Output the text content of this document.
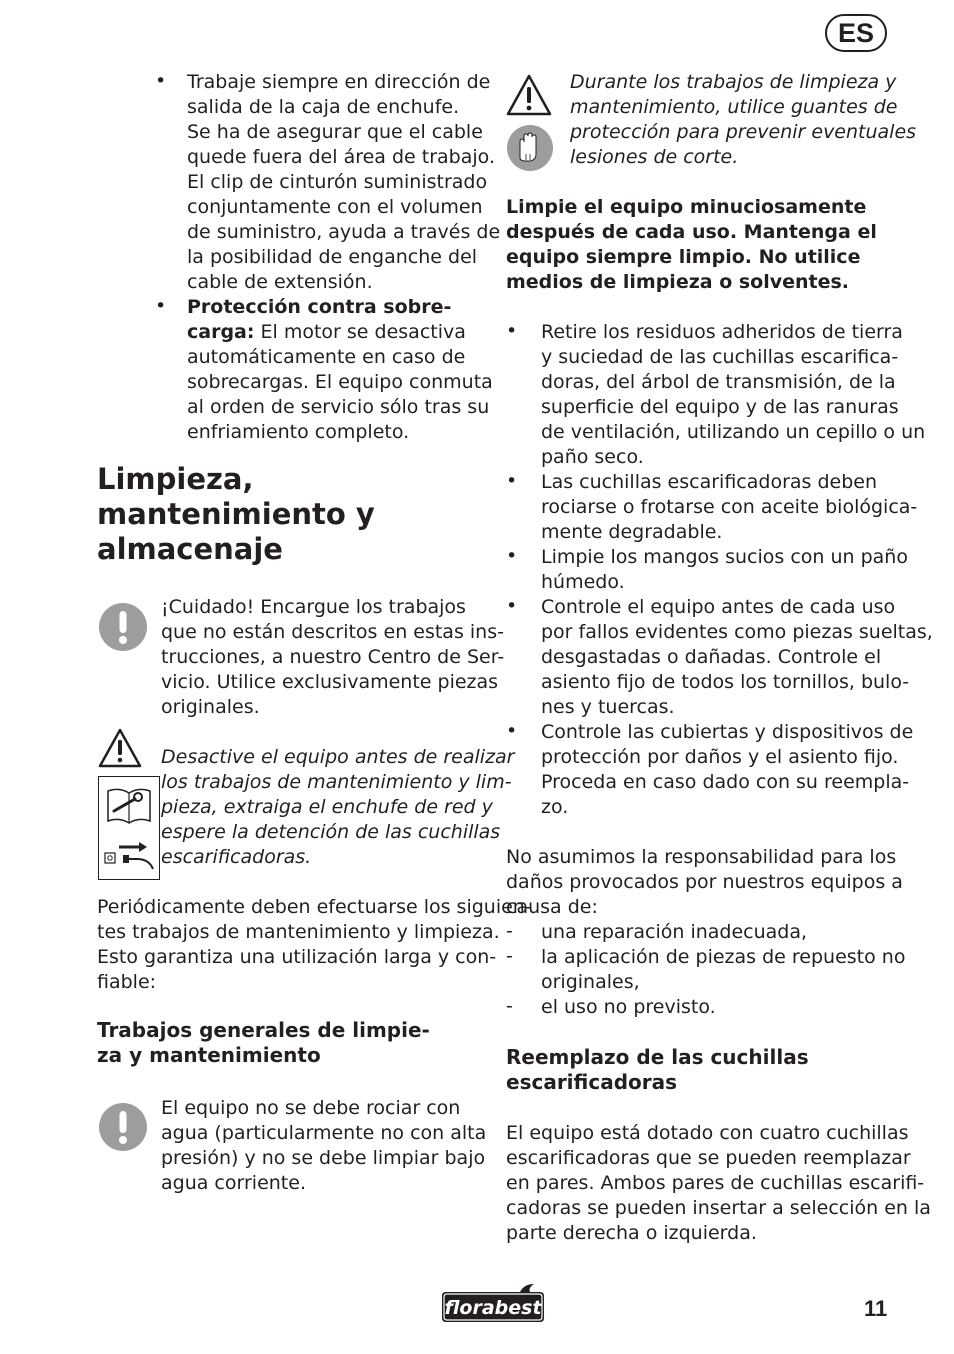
ES
• Trabaje siempre en dirección de
salida de la caja de enchufe.
Se ha de asegurar que el cable
quede fuera del área de trabajo.
El clip de cinturón suministrado
conjuntamente con el volumen
de suministro, ayuda a través de
la posibilidad de enganche del
cable de extensión.
• Protección contra sobre-
carga: El motor se desactiva
automáticamente en caso de
sobrecargas. El equipo conmuta
al orden de servicio sólo tras su
enfriamiento completo.
Limpieza,
mantenimiento y
almacenaje
¡Cuidado! Encargue los trabajos
que no están descritos en estas ins-
trucciones, a nuestro Centro de Ser-
vicio. Utilice exclusivamente piezas
originales.
Desactive el equipo antes de realizar
los trabajos de mantenimiento y lim-
pieza, extraiga el enchufe de red y
espere la detención de las cuchillas
escarificadoras.
Periódicamente deben efectuarse los siguien-
tes trabajos de mantenimiento y limpieza.
Esto garantiza una utilización larga y con-
fiable:
Trabajos generales de limpie-
za y mantenimiento
El equipo no se debe rociar con
agua (particularmente no con alta
presión) y no se debe limpiar bajo
agua corriente.
Durante los trabajos de limpieza y
mantenimiento, utilice guantes de
protección para prevenir eventuales
lesiones de corte.
Limpie el equipo minuciosamente
después de cada uso. Mantenga el
equipo siempre limpio. No utilice
medios de limpieza o solventes.
• Retire los residuos adheridos de tierra
y suciedad de las cuchillas escarifica-
doras, del árbol de transmisión, de la
superficie del equipo y de las ranuras
de ventilación, utilizando un cepillo o un
paño seco.
• Las cuchillas escarificadoras deben
rociarse o frotarse con aceite biológica-
mente degradable.
• Limpie los mangos sucios con un paño
húmedo.
• Controle el equipo antes de cada uso
por fallos evidentes como piezas sueltas,
desgastadas o dañadas. Controle el
asiento fijo de todos los tornillos, bulo-
nes y tuercas.
• Controle las cubiertas y dispositivos de
protección por daños y el asiento fijo.
Proceda en caso dado con su reempla-
zo.
No asumimos la responsabilidad para los
daños provocados por nuestros equipos a
causa de:
- una reparación inadecuada,
- la aplicación de piezas de repuesto no
originales,
- el uso no previsto.
Reemplazo de las cuchillas
escarificadoras
El equipo está dotado con cuatro cuchillas
escarificadoras que se pueden reemplazar
en pares. Ambos pares de cuchillas escarifi-
cadoras se pueden insertar a selección en la
parte derecha o izquierda.
florabest	11
